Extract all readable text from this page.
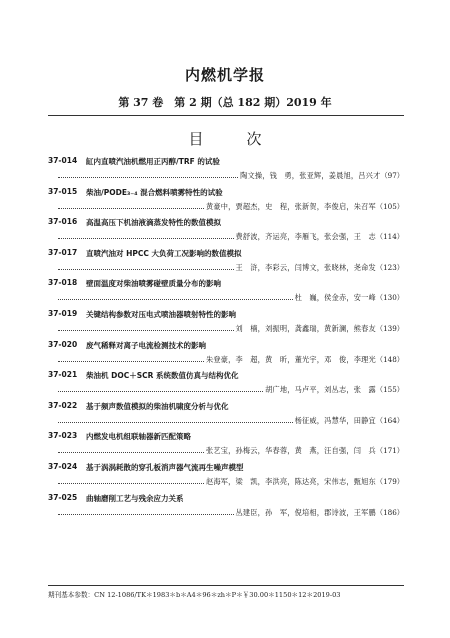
内燃机学报
第 37 卷　第 2 期（总 182 期）2019 年
目　次
37-014 缸内直喷汽油机燃用正丙醇/TRF 的试验
陶文操，钱　勇，张亚辉，姜晨旭，吕兴才 （97）
37-015 柴油/PODE₃₋₄ 混合燃料喷雾特性的试验
黄豪中，贾超杰，史　程，张新贺，李俊启，朱召军 （105）
37-016 高温高压下机油液滴蒸发特性的数值模拟
费舒波，齐运亮，李雁飞，张会强，王　志 （114）
37-017 直喷汽油对 HPCC 大负荷工况影响的数值模拟
王　浒，李彩云，闫博文，张晓林，尧命发 （123）
37-018 壁面温度对柴油喷雾碰壁质量分布的影响
杜　巍，侯金赤，安一峰 （130）
37-019 关键结构参数对压电式喷油器喷射特性的影响
刘　楠，刘振明，龚鑫瑞，黄新澜，熊春友 （139）
37-020 废气稀释对离子电流检测技术的影响
朱登豪，李　超，黄　昕，董光宇，邓　俊，李理光 （148）
37-021 柴油机 DOC＋SCR 系统数值仿真与结构优化
胡广地，马卢平，刘丛志，张　露 （155）
37-022 基于频声数值模拟的柴油机啸度分析与优化
杨征威，冯慧华，田静宜 （164）
37-023 内燃发电机组联轴器新匹配策略
张艺宝，孙梅云，华春蓉，黄　燕，汪自强，闫　兵 （171）
37-024 基于涡涡耗散的穿孔板消声器气流再生噪声模型
赵海军，梁　凯，李洪亮，陈达亮，宋伟志，甄旭东 （179）
37-025 曲轴磨削工艺与残余应力关系
丛建臣，孙　军，倪培相，郡诗波，王军鹏 （186）
期刊基本参数：CN 12-1086/TK＊1983＊b＊A4＊96＊zh＊P＊￥30.00＊1150＊12＊2019-03
